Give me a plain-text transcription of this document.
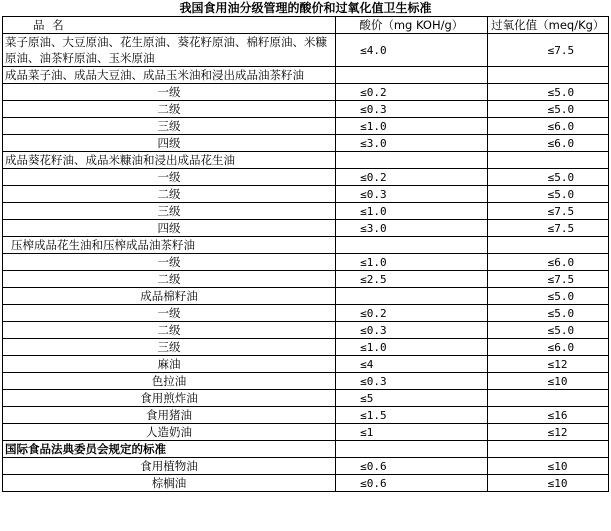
我国食用油分级管理的酸价和过氧化值卫生标准
品 名	酸价（mg KOH/g）	过氧化值（meq/Kg）
菜子原油、大豆原油、花生原油、葵花籽原油、棉籽原油、米糠原油、油茶籽原油、玉米原油	≤4.0	≤7.5
成品菜子油、成品大豆油、成品玉米油和浸出成品油茶籽油		
一级	≤0.2	≤5.0
二级	≤0.3	≤5.0
三级	≤1.0	≤6.0
四级	≤3.0	≤6.0
成品葵花籽油、成品米糠油和浸出成品花生油		
一级	≤0.2	≤5.0
二级	≤0.3	≤5.0
三级	≤1.0	≤7.5
四级	≤3.0	≤7.5
压榨成品花生油和压榨成品油茶籽油		
一级	≤1.0	≤6.0
二级	≤2.5	≤7.5
成品棉籽油		≤5.0
一级	≤0.2	≤5.0
二级	≤0.3	≤5.0
三级	≤1.0	≤6.0
麻油	≤4	≤12
色拉油	≤0.3	≤10
食用煎炸油	≤5	
食用猪油	≤1.5	≤16
人造奶油	≤1	≤12
国际食品法典委员会规定的标准		
食用植物油	≤0.6	≤10
棕榈油	≤0.6	≤10
